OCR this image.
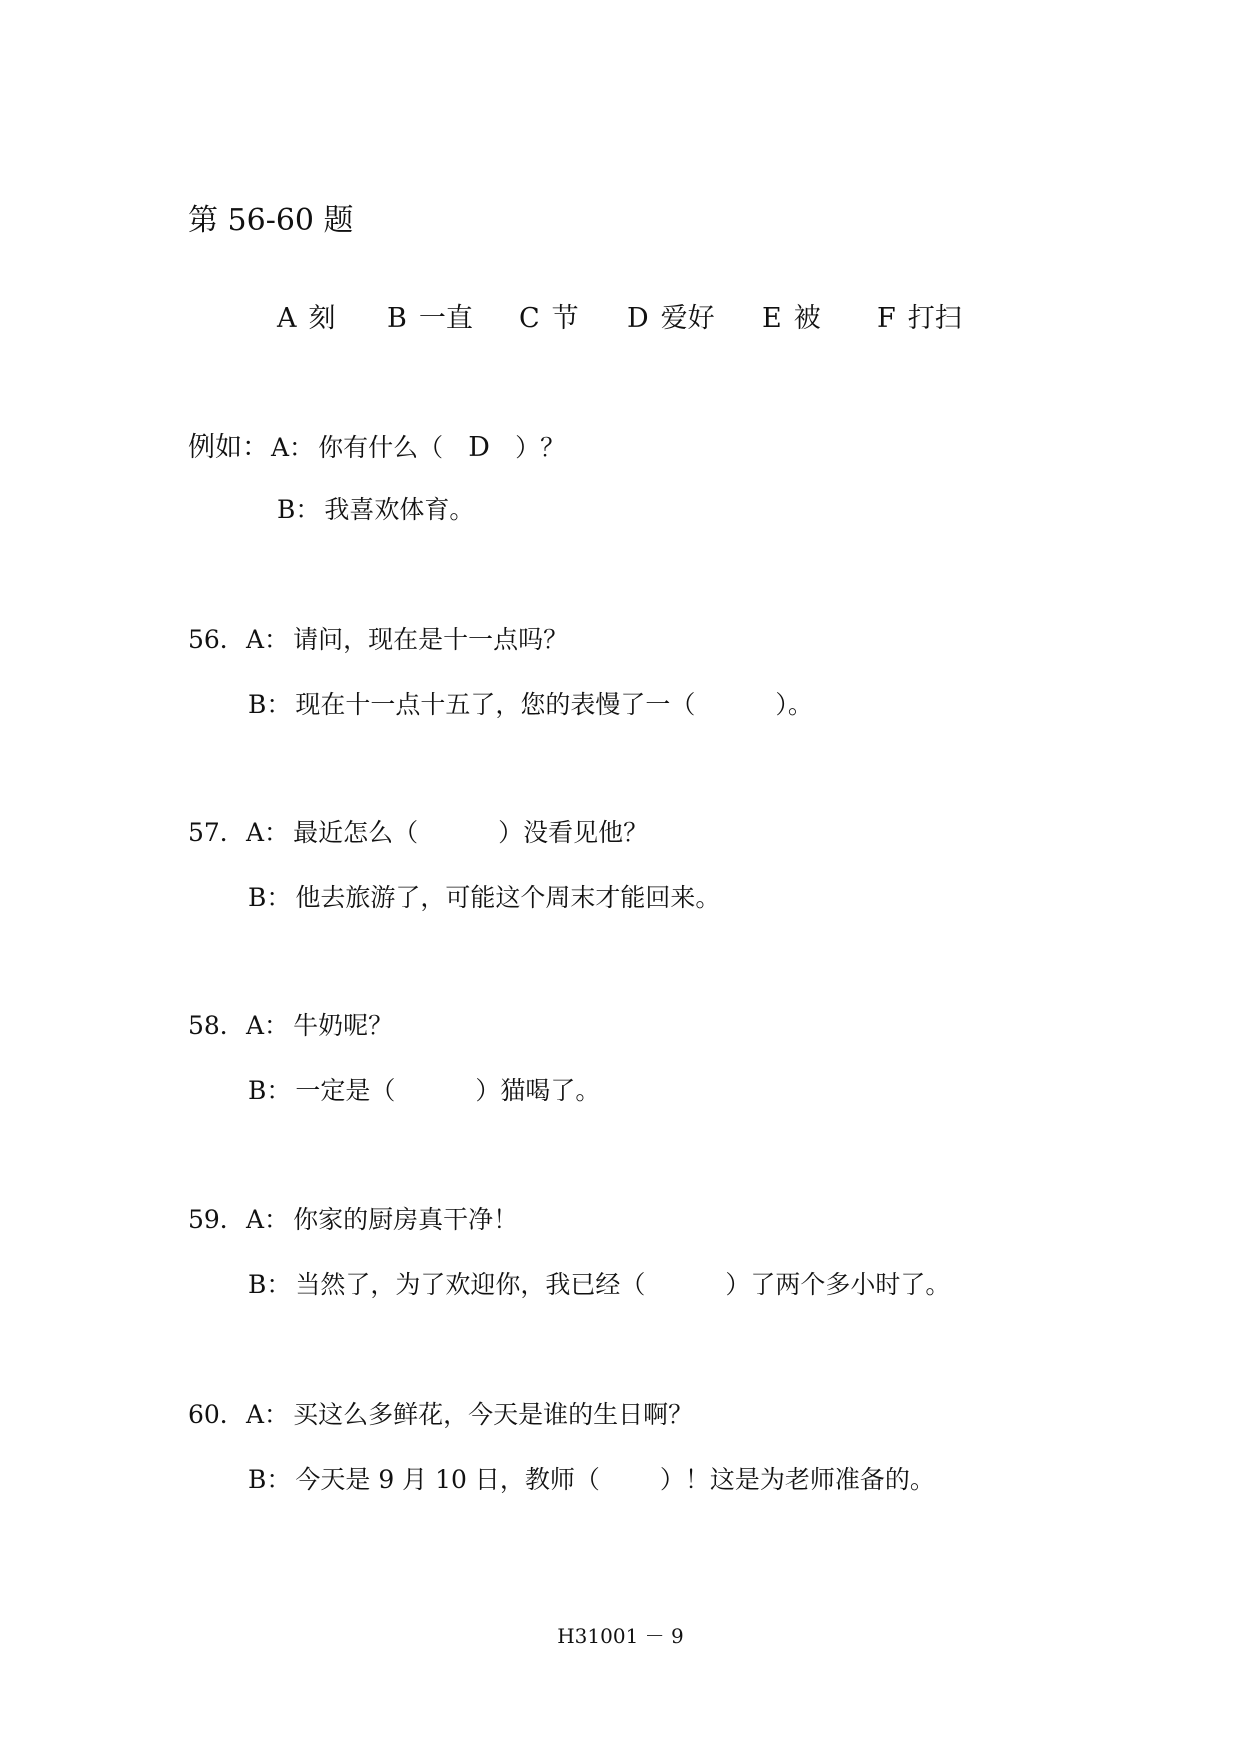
第 56-60 题
A 刻 B 一直 C 节 D 爱好 E 被 F 打扫
例如： A： 你有什么（ D	）？
B： 我喜欢体育。
56． A： 请问，现在是十一点吗？
B： 现在十一点十五了，您的表慢了一（	）。
57． A： 最近怎么（	）没看见他？
B： 他去旅游了，可能这个周末才能回来。
58． A： 牛奶呢？
B： 一定是（	）猫喝了。
59． A： 你家的厨房真干净！
B： 当然了，为了欢迎你，我已经（	）了两个多小时了。
60． A： 买这么多鲜花，今天是谁的生日啊？
B： 今天是 9 月 10 日，教师（ ）！这是为老师准备的。
H31001 － 9
